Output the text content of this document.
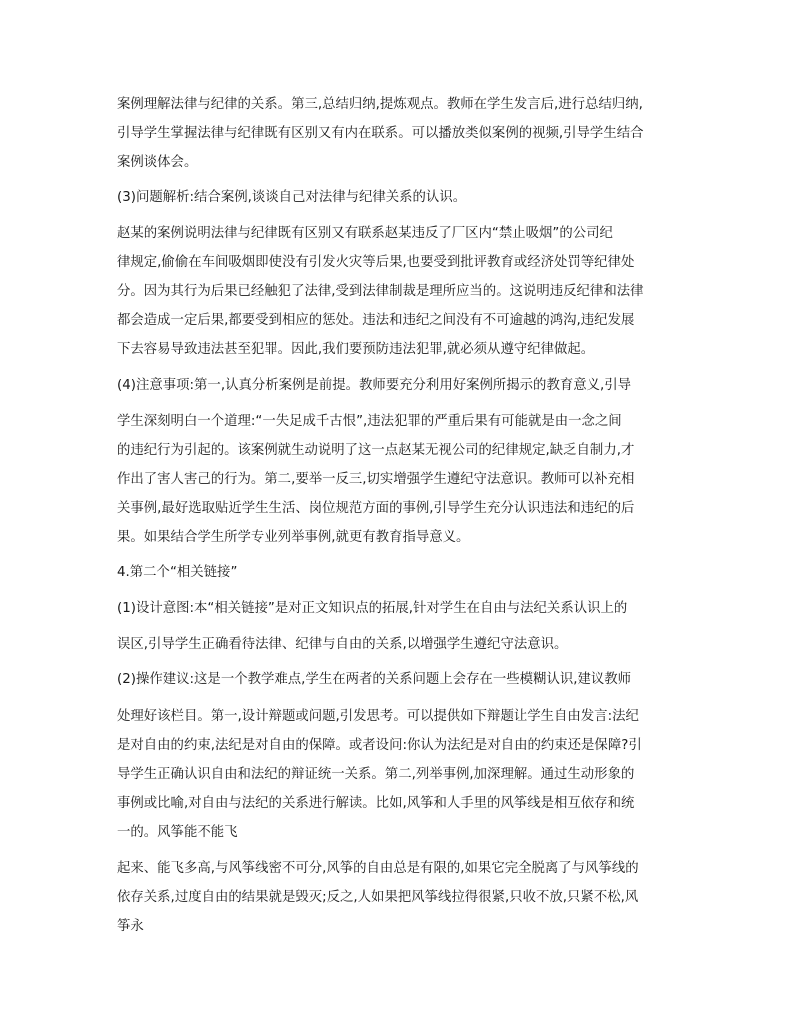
案例理解法律与纪律的关系。第三,总结归纳,提炼观点。教师在学生发言后,进行总结归纳,
引导学生掌握法律与纪律既有区别又有内在联系。可以播放类似案例的视频,引导学生结合
案例谈体会。
(3)问题解析:结合案例,谈谈自己对法律与纪律关系的认识。
赵某的案例说明法律与纪律既有区别又有联系赵某违反了厂区内“禁止吸烟”的公司纪
律规定,偷偷在车间吸烟即使没有引发火灾等后果,也要受到批评教育或经济处罚等纪律处
分。因为其行为后果已经触犯了法律,受到法律制裁是理所应当的。这说明违反纪律和法律
都会造成一定后果,都要受到相应的惩处。违法和违纪之间没有不可逾越的鸿沟,违纪发展
下去容易导致违法甚至犯罪。因此,我们要预防违法犯罪,就必须从遵守纪律做起。
(4)注意事项:第一,认真分析案例是前提。教师要充分利用好案例所揭示的教育意义,引导
学生深刻明白一个道理:“一失足成千古恨”,违法犯罪的严重后果有可能就是由一念之间
的违纪行为引起的。该案例就生动说明了这一点赵某无视公司的纪律规定,缺乏自制力,才
作出了害人害己的行为。第二,要举一反三,切实增强学生遵纪守法意识。教师可以补充相
关事例,最好选取贴近学生生活、岗位规范方面的事例,引导学生充分认识违法和违纪的后
果。如果结合学生所学专业列举事例,就更有教育指导意义。
4.第二个“相关链接”
(1)设计意图:本“相关链接”是对正文知识点的拓展,针对学生在自由与法纪关系认识上的
误区,引导学生正确看待法律、纪律与自由的关系,以增强学生遵纪守法意识。
(2)操作建议:这是一个教学难点,学生在两者的关系问题上会存在一些模糊认识,建议教师
处理好该栏目。第一,设计辩题或问题,引发思考。可以提供如下辩题让学生自由发言:法纪
是对自由的约束,法纪是对自由的保障。或者设问:你认为法纪是对自由的约束还是保障?引
导学生正确认识自由和法纪的辩证统一关系。第二,列举事例,加深理解。通过生动形象的
事例或比喻,对自由与法纪的关系进行解读。比如,风筝和人手里的风筝线是相互依存和统
一的。风筝能不能飞
起来、能飞多高,与风筝线密不可分,风筝的自由总是有限的,如果它完全脱离了与风筝线的
依存关系,过度自由的结果就是毁灭;反之,人如果把风筝线拉得很紧,只收不放,只紧不松,风
筝永
